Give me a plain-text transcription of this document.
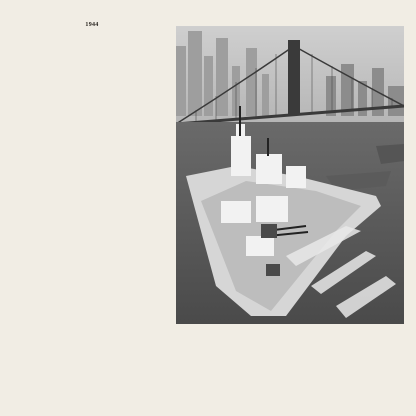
1944
